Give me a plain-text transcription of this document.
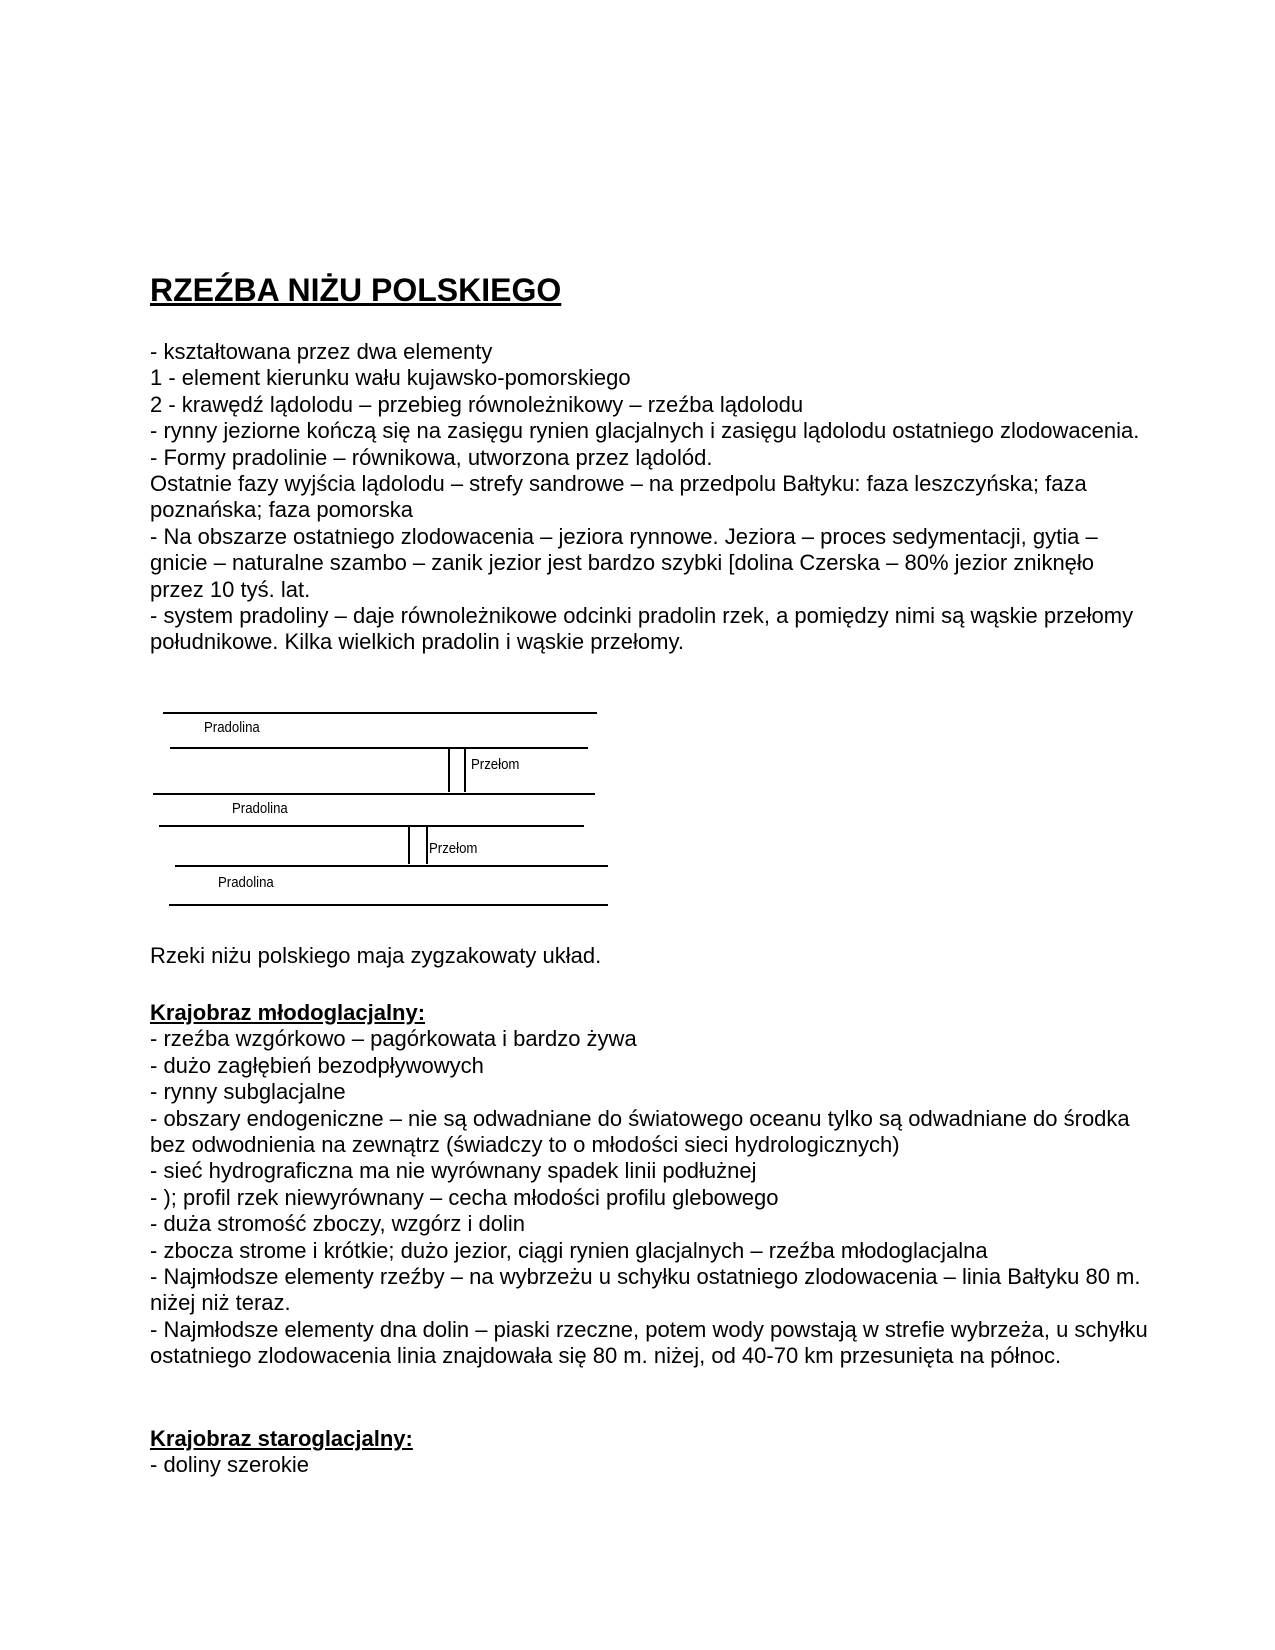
RZEŹBA NIŻU POLSKIEGO

- kształtowana przez dwa elementy

1 - element kierunku wału kujawsko-pomorskiego

2 - krawędź lądolodu – przebieg równoleżnikowy – rzeźba lądolodu

- rynny jeziorne kończą się na zasięgu rynien glacjalnych i zasięgu lądolodu ostatniego zlodowacenia.

- Formy pradolinie – równikowa, utworzona przez lądolód.

Ostatnie fazy wyjścia lądolodu – strefy sandrowe – na przedpolu Bałtyku: faza leszczyńska; faza poznańska; faza pomorska

- Na obszarze ostatniego zlodowacenia – jeziora rynnowe. Jeziora – proces sedymentacji, gytia – gnicie – naturalne szambo – zanik jezior jest bardzo szybki [dolina Czerska – 80% jezior zniknęło przez 10 tyś. lat.

- system pradoliny – daje równoleżnikowe odcinki pradolin rzek, a pomiędzy nimi są wąskie przełomy południkowe. Kilka wielkich pradolin i wąskie przełomy.

Pradolina
Przełom
Pradolina
Przełom
Pradolina

Rzeki niżu polskiego maja zygzakowaty układ.

Krajobraz młodoglacjalny:

- rzeźba wzgórkowo – pagórkowata i bardzo żywa

- dużo zagłębień bezodpływowych

- rynny subglacjalne

- obszary endogeniczne – nie są odwadniane do światowego oceanu tylko są odwadniane do środka bez odwodnienia na zewnątrz (świadczy to o młodości sieci hydrologicznych)

- sieć hydrograficzna ma nie wyrównany spadek linii podłużnej

- ); profil rzek niewyrównany – cecha młodości profilu glebowego

- duża stromość zboczy, wzgórz i dolin

- zbocza strome i krótkie; dużo jezior, ciągi rynien glacjalnych – rzeźba młodoglacjalna

- Najmłodsze elementy rzeźby – na wybrzeżu u schyłku ostatniego zlodowacenia – linia Bałtyku 80 m. niżej niż teraz.

- Najmłodsze elementy dna dolin – piaski rzeczne, potem wody powstają w strefie wybrzeża, u schyłku ostatniego zlodowacenia linia znajdowała się 80 m. niżej, od 40-70 km przesunięta na północ.

Krajobraz staroglacjalny:

- doliny szerokie
